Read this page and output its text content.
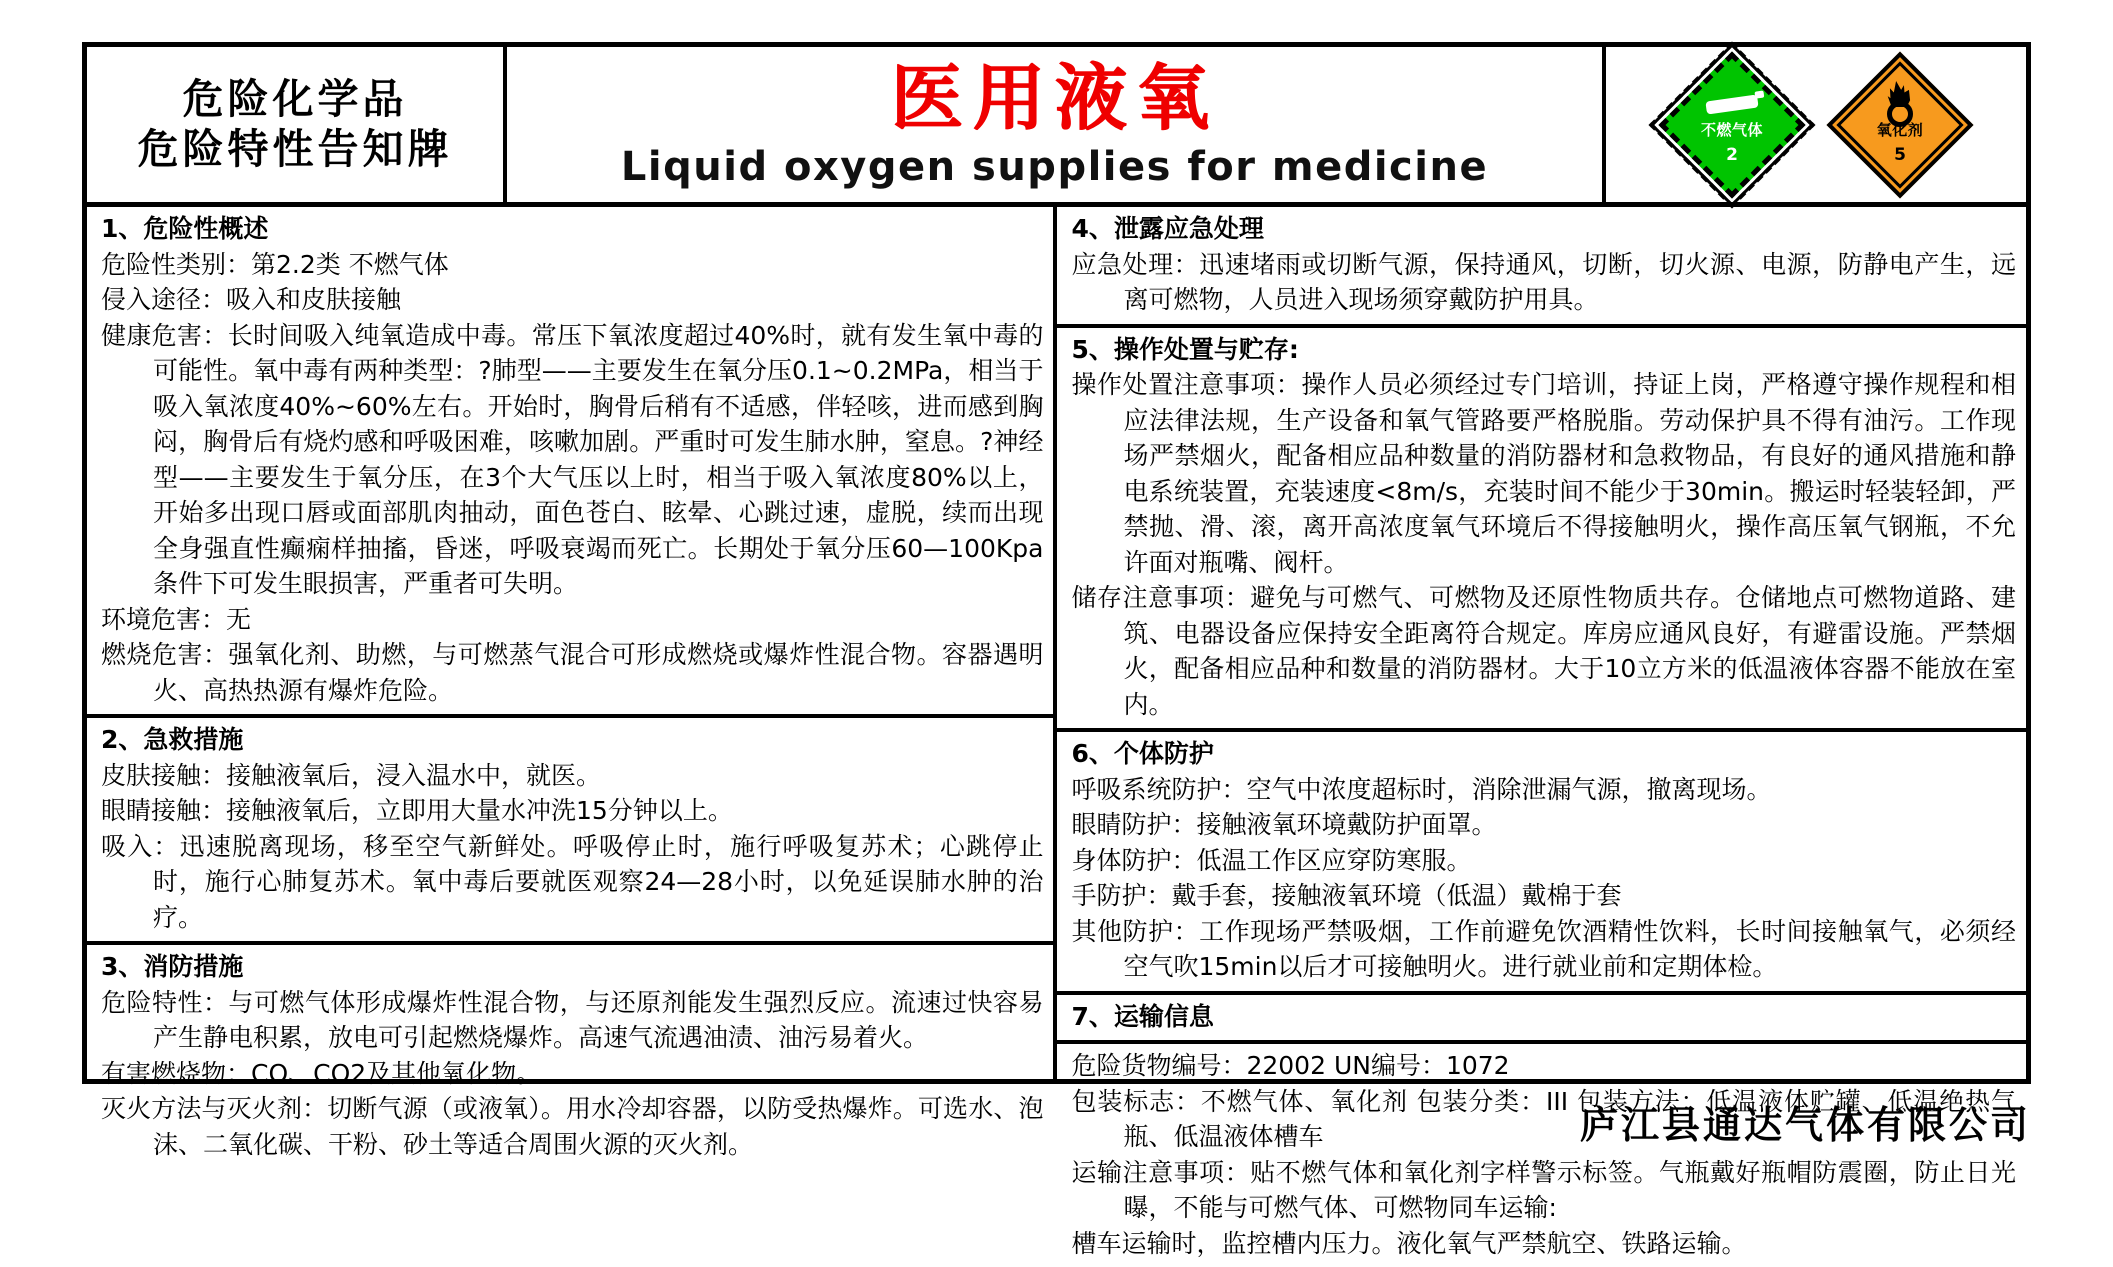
危险化学品
危险特性告知牌
医用液氧
Liquid oxygen supplies for medicine
不燃气体
2
氧化剂
5
1、危险性概述
危险性类别：第2.2类 不燃气体
侵入途径：吸入和皮肤接触
健康危害：长时间吸入纯氧造成中毒。常压下氧浓度超过40%时，就有发生氧中毒的可能性。氧中毒有两种类型：?肺型——主要发生在氧分压0.1~0.2MPa，相当于吸入氧浓度40%~60%左右。开始时，胸骨后稍有不适感，伴轻咳，进而感到胸闷，胸骨后有烧灼感和呼吸困难，咳嗽加剧。严重时可发生肺水肿，窒息。?神经型——主要发生于氧分压，在3个大气压以上时，相当于吸入氧浓度80%以上，开始多出现口唇或面部肌肉抽动，面色苍白、眩晕、心跳过速，虚脱，续而出现全身强直性癫痫样抽搐，昏迷，呼吸衰竭而死亡。长期处于氧分压60—100Kpa条件下可发生眼损害，严重者可失明。
环境危害：无
燃烧危害：强氧化剂、助燃，与可燃蒸气混合可形成燃烧或爆炸性混合物。容器遇明火、高热热源有爆炸危险。
2、急救措施
皮肤接触：接触液氧后，浸入温水中，就医。
眼睛接触：接触液氧后，立即用大量水冲洗15分钟以上。
吸入：迅速脱离现场，移至空气新鲜处。呼吸停止时，施行呼吸复苏术；心跳停止时，施行心肺复苏术。氧中毒后要就医观察24—28小时，以免延误肺水肿的治疗。
3、消防措施
危险特性：与可燃气体形成爆炸性混合物，与还原剂能发生强烈反应。流速过快容易产生静电积累，放电可引起燃烧爆炸。高速气流遇油渍、油污易着火。
有害燃烧物：CO、CO2及其他氧化物。
灭火方法与灭火剂：切断气源（或液氧）。用水冷却容器，以防受热爆炸。可选水、泡沫、二氧化碳、干粉、砂土等适合周围火源的灭火剂。
4、泄露应急处理
应急处理：迅速堵雨或切断气源，保持通风，切断，切火源、电源，防静电产生，远离可燃物，人员进入现场须穿戴防护用具。
5、操作处置与贮存:
操作处置注意事项：操作人员必须经过专门培训，持证上岗，严格遵守操作规程和相应法律法规，生产设备和氧气管路要严格脱脂。劳动保护具不得有油污。工作现场严禁烟火，配备相应品种数量的消防器材和急救物品，有良好的通风措施和静电系统装置，充装速度<8m/s，充装时间不能少于30min。搬运时轻装轻卸，严禁抛、滑、滚，离开高浓度氧气环境后不得接触明火，操作高压氧气钢瓶，不允许面对瓶嘴、阀杆。
储存注意事项：避免与可燃气、可燃物及还原性物质共存。仓储地点可燃物道路、建筑、电器设备应保持安全距离符合规定。库房应通风良好，有避雷设施。严禁烟火，配备相应品种和数量的消防器材。大于10立方米的低温液体容器不能放在室内。
6、个体防护
呼吸系统防护：空气中浓度超标时，消除泄漏气源，撤离现场。
眼睛防护：接触液氧环境戴防护面罩。
身体防护：低温工作区应穿防寒服。
手防护：戴手套，接触液氧环境（低温）戴棉于套
其他防护：工作现场严禁吸烟，工作前避免饮酒精性饮料，长时间接触氧气，必须经空气吹15min以后才可接触明火。进行就业前和定期体检。
7、运输信息
危险货物编号：22002 UN编号：1072
包装标志：不燃气体、氧化剂 包装分类：III 包装方法：低温液体贮罐、低温绝热气瓶、低温液体槽车
运输注意事项：贴不燃气体和氧化剂字样警示标签。气瓶戴好瓶帽防震圈，防止日光曝，不能与可燃气体、可燃物同车运输:
槽车运输时，监控槽内压力。液化氧气严禁航空、铁路运输。
庐江县通达气体有限公司
